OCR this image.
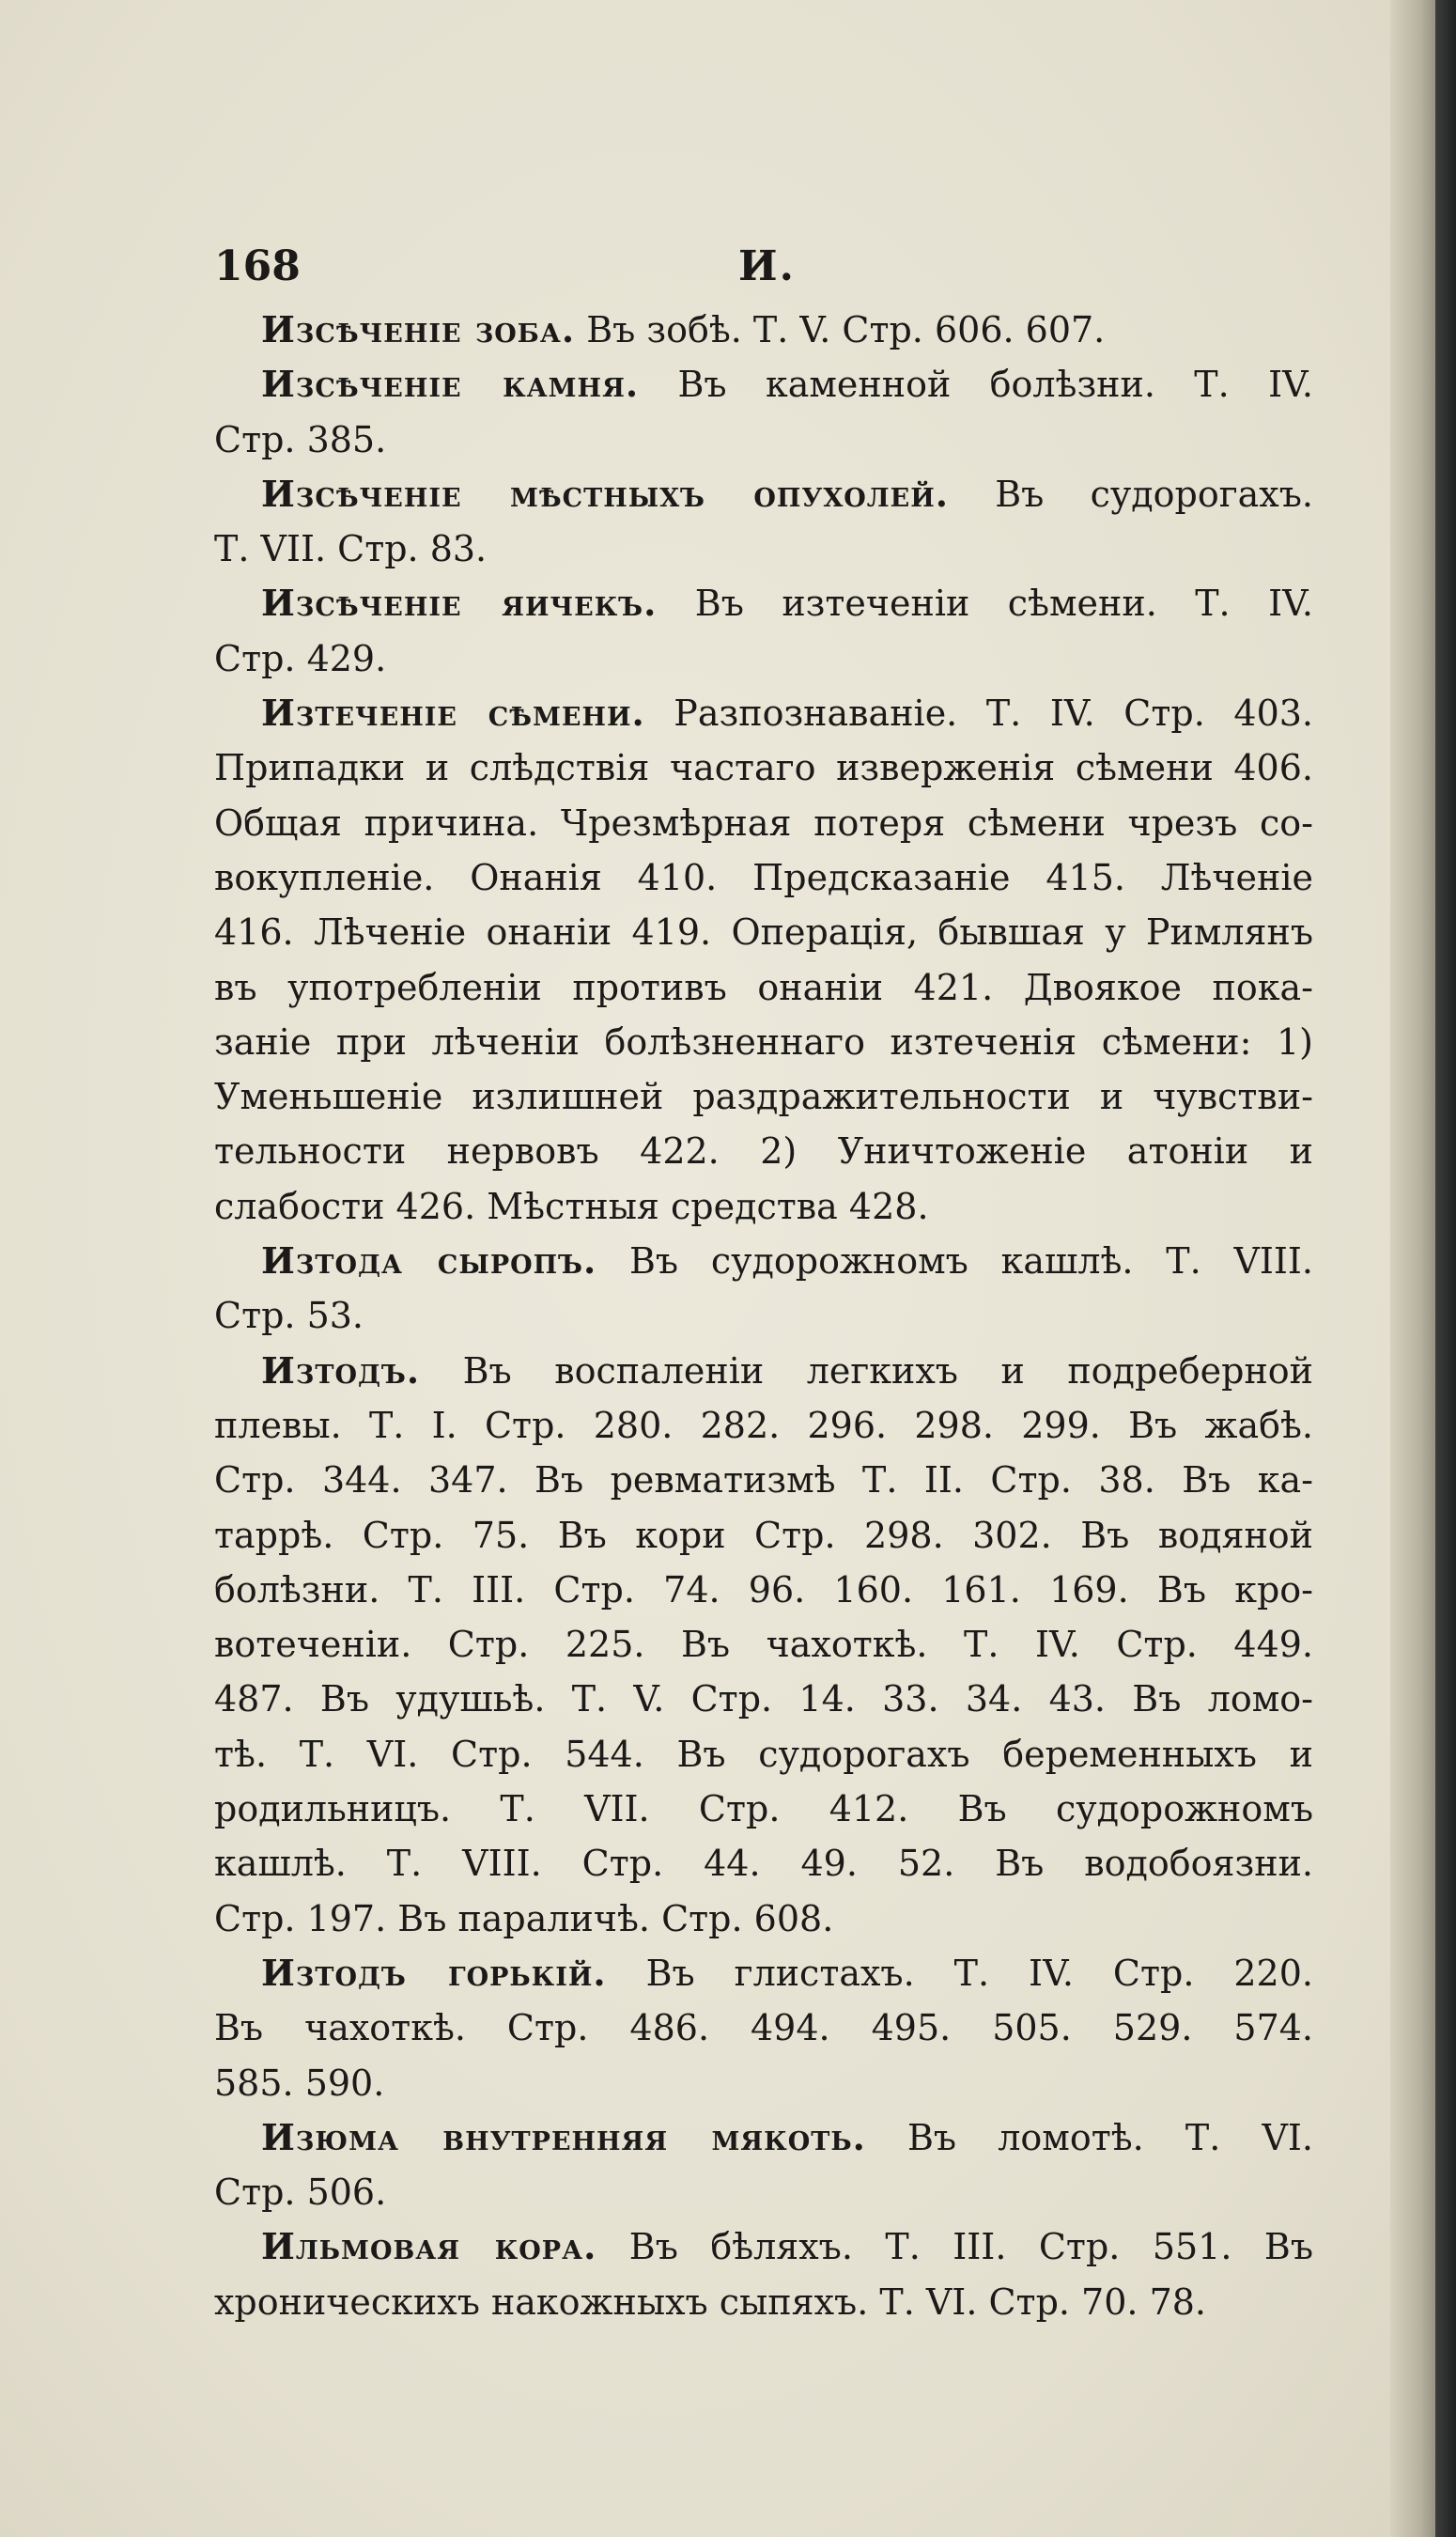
168	И.
Изсѣченіе зоба. Въ зобѣ. Т. V. Стр. 606. 607.
Изсѣченіе камня. Въ каменной болѣзни. Т. IV.
Стр. 385.
Изсѣченіе мѣстныхъ опухолей. Въ судорогахъ.
Т. VII. Стр. 83.
Изсѣченіе яичекъ. Въ изтеченіи сѣмени. Т. IV.
Стр. 429.
Изтеченіе сѣмени. Разпознаваніе. Т. IV. Стр. 403.
Припадки и слѣдствія частаго изверженія сѣмени 406.
Общая причина. Чрезмѣрная потеря сѣмени чрезъ со-
вокупленіе. Онанія 410. Предсказаніе 415. Лѣченіе
416. Лѣченіе онаніи 419. Операція, бывшая у Римлянъ
въ употребленіи противъ онаніи 421. Двоякое пока-
заніе при лѣченіи болѣзненнаго изтеченія сѣмени: 1)
Уменьшеніе излишней раздражительности и чувстви-
тельности нервовъ 422. 2) Уничтоженіе атоніи и
слабости 426. Мѣстныя средства 428.
Изтода сыропъ. Въ судорожномъ кашлѣ. Т. VIII.
Стр. 53.
Изтодъ. Въ воспаленіи легкихъ и подреберной
плевы. Т. I. Стр. 280. 282. 296. 298. 299. Въ жабѣ.
Стр. 344. 347. Въ ревматизмѣ Т. II. Стр. 38. Въ ка-
таррѣ. Стр. 75. Въ кори Стр. 298. 302. Въ водяной
болѣзни. Т. III. Стр. 74. 96. 160. 161. 169. Въ кро-
вотеченіи. Стр. 225. Въ чахоткѣ. Т. IV. Стр. 449.
487. Въ удушьѣ. Т. V. Стр. 14. 33. 34. 43. Въ ломо-
тѣ. Т. VI. Стр. 544. Въ судорогахъ беременныхъ и
родильницъ. Т. VII. Стр. 412. Въ судорожномъ
кашлѣ. Т. VIII. Стр. 44. 49. 52. Въ водобоязни.
Стр. 197. Въ параличѣ. Стр. 608.
Изтодъ горькій. Въ глистахъ. Т. IV. Стр. 220.
Въ чахоткѣ. Стр. 486. 494. 495. 505. 529. 574.
585. 590.
Изюма внутренняя мякоть. Въ ломотѣ. Т. VI.
Стр. 506.
Ильмовая кора. Въ бѣляхъ. Т. III. Стр. 551. Въ
хроническихъ накожныхъ сыпяхъ. Т. VI. Стр. 70. 78.
